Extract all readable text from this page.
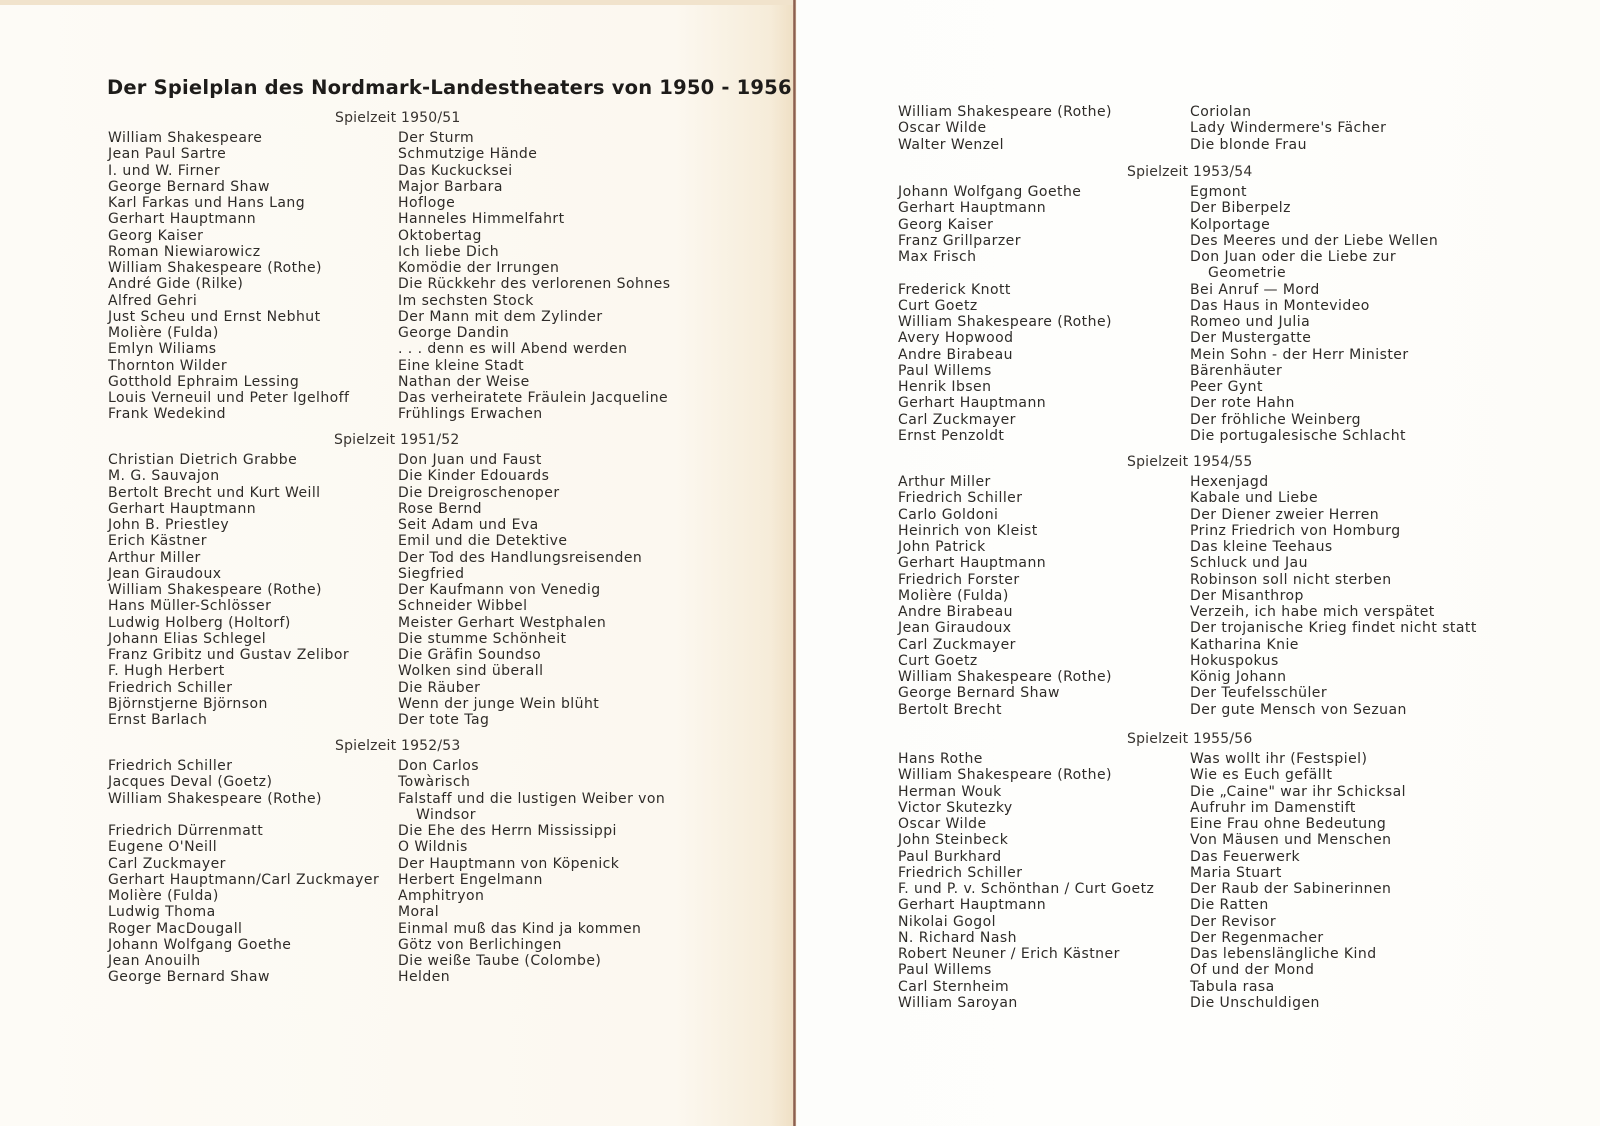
Der Spielplan des Nordmark-Landestheaters von 1950 - 1956
Spielzeit 1950/51
William Shakespeare	Der Sturm
Jean Paul Sartre	Schmutzige Hände
I. und W. Firner	Das Kuckucksei
George Bernard Shaw	Major Barbara
Karl Farkas und Hans Lang	Hofloge
Gerhart Hauptmann	Hanneles Himmelfahrt
Georg Kaiser	Oktobertag
Roman Niewiarowicz	Ich liebe Dich
William Shakespeare (Rothe)	Komödie der Irrungen
André Gide (Rilke)	Die Rückkehr des verlorenen Sohnes
Alfred Gehri	Im sechsten Stock
Just Scheu und Ernst Nebhut	Der Mann mit dem Zylinder
Molière (Fulda)	George Dandin
Emlyn Wiliams	. . . denn es will Abend werden
Thornton Wilder	Eine kleine Stadt
Gotthold Ephraim Lessing	Nathan der Weise
Louis Verneuil und Peter Igelhoff	Das verheiratete Fräulein Jacqueline
Frank Wedekind	Frühlings Erwachen
Spielzeit 1951/52
Christian Dietrich Grabbe	Don Juan und Faust
M. G. Sauvajon	Die Kinder Edouards
Bertolt Brecht und Kurt Weill	Die Dreigroschenoper
Gerhart Hauptmann	Rose Bernd
John B. Priestley	Seit Adam und Eva
Erich Kästner	Emil und die Detektive
Arthur Miller	Der Tod des Handlungsreisenden
Jean Giraudoux	Siegfried
William Shakespeare (Rothe)	Der Kaufmann von Venedig
Hans Müller-Schlösser	Schneider Wibbel
Ludwig Holberg (Holtorf)	Meister Gerhart Westphalen
Johann Elias Schlegel	Die stumme Schönheit
Franz Gribitz und Gustav Zelibor	Die Gräfin Soundso
F. Hugh Herbert	Wolken sind überall
Friedrich Schiller	Die Räuber
Björnstjerne Björnson	Wenn der junge Wein blüht
Ernst Barlach	Der tote Tag
Spielzeit 1952/53
Friedrich Schiller	Don Carlos
Jacques Deval (Goetz)	Towàrisch
William Shakespeare (Rothe)	Falstaff und die lustigen Weiber von
Windsor
Friedrich Dürrenmatt	Die Ehe des Herrn Mississippi
Eugene O'Neill	O Wildnis
Carl Zuckmayer	Der Hauptmann von Köpenick
Gerhart Hauptmann/Carl Zuckmayer	Herbert Engelmann
Molière (Fulda)	Amphitryon
Ludwig Thoma	Moral
Roger MacDougall	Einmal muß das Kind ja kommen
Johann Wolfgang Goethe	Götz von Berlichingen
Jean Anouilh	Die weiße Taube (Colombe)
George Bernard Shaw	Helden
William Shakespeare (Rothe)	Coriolan
Oscar Wilde	Lady Windermere's Fächer
Walter Wenzel	Die blonde Frau
Spielzeit 1953/54
Johann Wolfgang Goethe	Egmont
Gerhart Hauptmann	Der Biberpelz
Georg Kaiser	Kolportage
Franz Grillparzer	Des Meeres und der Liebe Wellen
Max Frisch	Don Juan oder die Liebe zur
Geometrie
Frederick Knott	Bei Anruf — Mord
Curt Goetz	Das Haus in Montevideo
William Shakespeare (Rothe)	Romeo und Julia
Avery Hopwood	Der Mustergatte
Andre Birabeau	Mein Sohn - der Herr Minister
Paul Willems	Bärenhäuter
Henrik Ibsen	Peer Gynt
Gerhart Hauptmann	Der rote Hahn
Carl Zuckmayer	Der fröhliche Weinberg
Ernst Penzoldt	Die portugalesische Schlacht
Spielzeit 1954/55
Arthur Miller	Hexenjagd
Friedrich Schiller	Kabale und Liebe
Carlo Goldoni	Der Diener zweier Herren
Heinrich von Kleist	Prinz Friedrich von Homburg
John Patrick	Das kleine Teehaus
Gerhart Hauptmann	Schluck und Jau
Friedrich Forster	Robinson soll nicht sterben
Molière (Fulda)	Der Misanthrop
Andre Birabeau	Verzeih, ich habe mich verspätet
Jean Giraudoux	Der trojanische Krieg findet nicht statt
Carl Zuckmayer	Katharina Knie
Curt Goetz	Hokuspokus
William Shakespeare (Rothe)	König Johann
George Bernard Shaw	Der Teufelsschüler
Bertolt Brecht	Der gute Mensch von Sezuan
Spielzeit 1955/56
Hans Rothe	Was wollt ihr (Festspiel)
William Shakespeare (Rothe)	Wie es Euch gefällt
Herman Wouk	Die „Caine" war ihr Schicksal
Victor Skutezky	Aufruhr im Damenstift
Oscar Wilde	Eine Frau ohne Bedeutung
John Steinbeck	Von Mäusen und Menschen
Paul Burkhard	Das Feuerwerk
Friedrich Schiller	Maria Stuart
F. und P. v. Schönthan / Curt Goetz	Der Raub der Sabinerinnen
Gerhart Hauptmann	Die Ratten
Nikolai Gogol	Der Revisor
N. Richard Nash	Der Regenmacher
Robert Neuner / Erich Kästner	Das lebenslängliche Kind
Paul Willems	Of und der Mond
Carl Sternheim	Tabula rasa
William Saroyan	Die Unschuldigen
